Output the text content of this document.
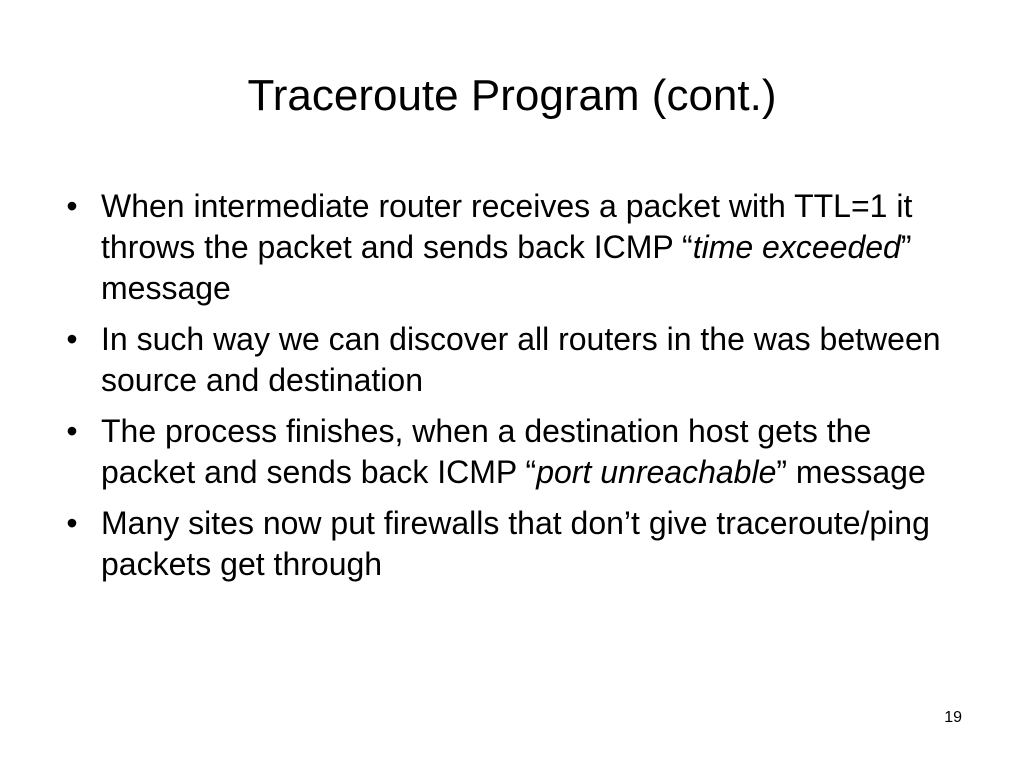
Traceroute Program (cont.)
• When intermediate router receives a packet with TTL=1 it throws the packet and sends back ICMP “time exceeded” message
• In such way we can discover all routers in the was between source and destination
• The process finishes, when a destination host gets the packet and sends back ICMP “port unreachable” message
• Many sites now put firewalls that don’t give traceroute/ping packets get through
19
